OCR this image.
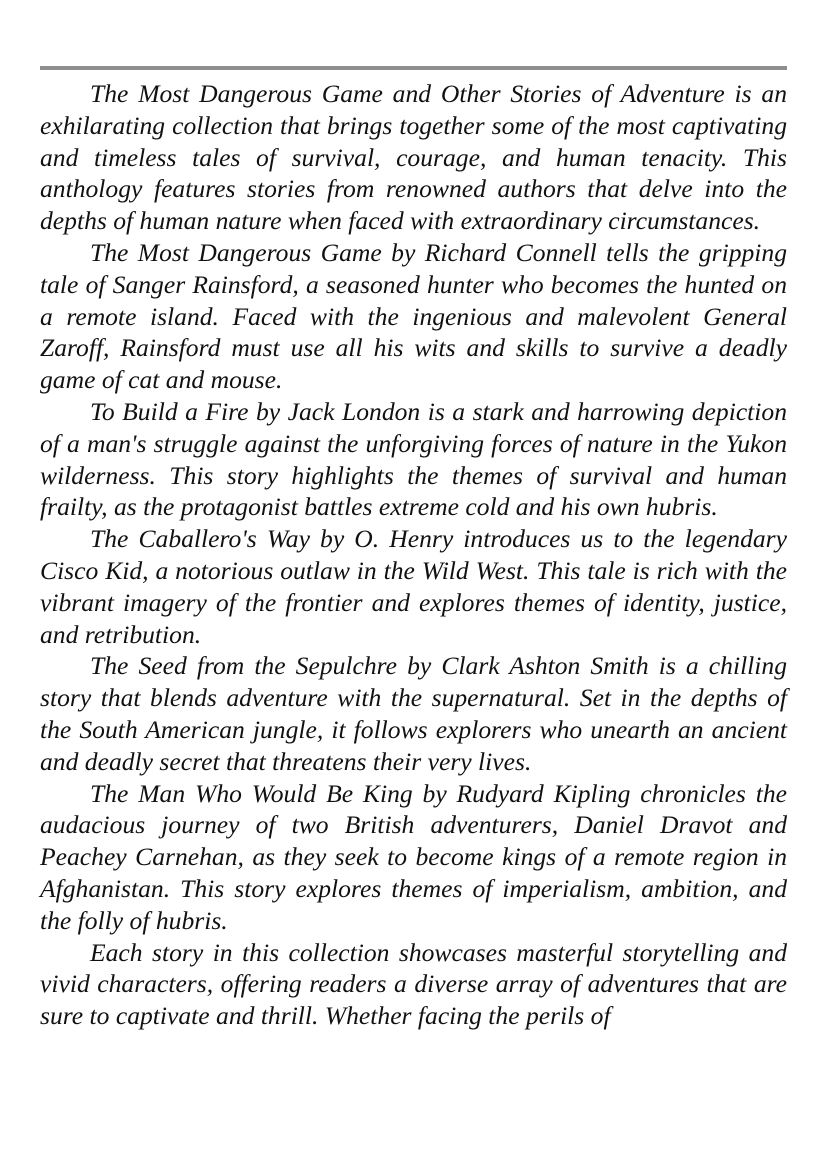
The Most Dangerous Game and Other Stories of Adventure is an exhilarating collection that brings together some of the most captivating and timeless tales of survival, courage, and human tenacity. This anthology features stories from renowned authors that delve into the depths of human nature when faced with extraordinary circumstances.

The Most Dangerous Game by Richard Connell tells the gripping tale of Sanger Rainsford, a seasoned hunter who becomes the hunted on a remote island. Faced with the ingenious and malevolent General Zaroff, Rainsford must use all his wits and skills to survive a deadly game of cat and mouse.

To Build a Fire by Jack London is a stark and harrowing depiction of a man's struggle against the unforgiving forces of nature in the Yukon wilderness. This story highlights the themes of survival and human frailty, as the protagonist battles extreme cold and his own hubris.

The Caballero's Way by O. Henry introduces us to the legendary Cisco Kid, a notorious outlaw in the Wild West. This tale is rich with the vibrant imagery of the frontier and explores themes of identity, justice, and retribution.

The Seed from the Sepulchre by Clark Ashton Smith is a chilling story that blends adventure with the supernatural. Set in the depths of the South American jungle, it follows explorers who unearth an ancient and deadly secret that threatens their very lives.

The Man Who Would Be King by Rudyard Kipling chronicles the audacious journey of two British adventurers, Daniel Dravot and Peachey Carnehan, as they seek to become kings of a remote region in Afghanistan. This story explores themes of imperialism, ambition, and the folly of hubris.

Each story in this collection showcases masterful storytelling and vivid characters, offering readers a diverse array of adventures that are sure to captivate and thrill. Whether facing the perils of
